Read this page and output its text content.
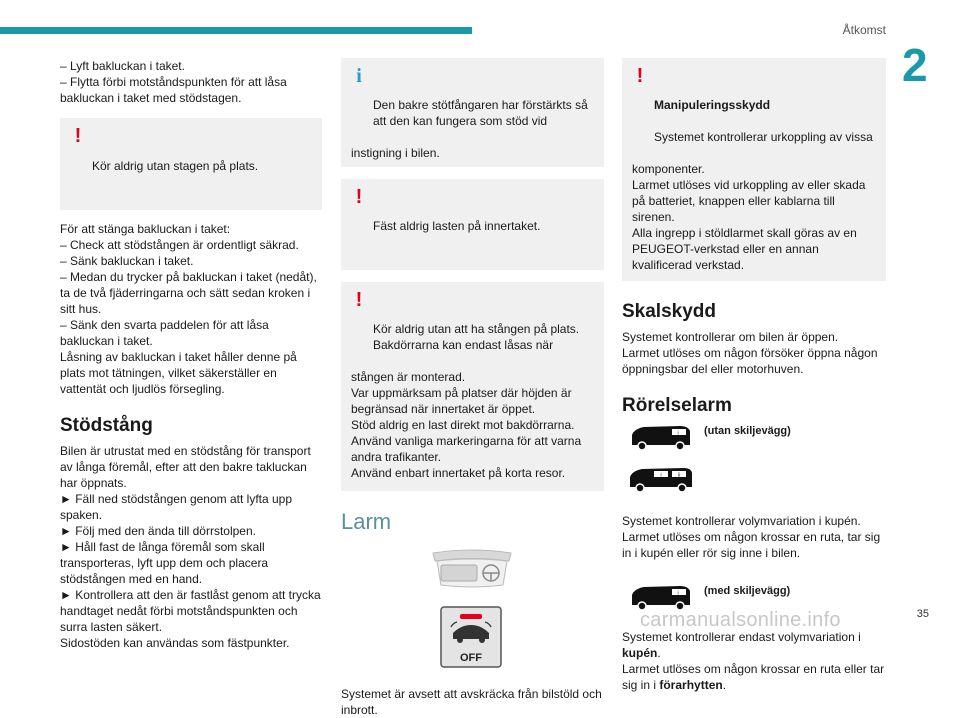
Åtkomst
2
– Lyft bakluckan i taket.
– Flytta förbi motståndspunkten för att låsa bakluckan i taket med stödstagen.

!

Kör aldrig utan stagen på plats.

För att stänga bakluckan i taket:
– Check att stödstången är ordentligt säkrad.
– Sänk bakluckan i taket.
– Medan du trycker på bakluckan i taket (nedåt), ta de två fjäderringarna och sätt sedan kroken i sitt hus.
– Sänk den svarta paddelen för att låsa bakluckan i taket.
Låsning av bakluckan i taket håller denne på plats mot tätningen, vilket säkerställer en vattentät och ljudlös försegling.
Stödstång
Bilen är utrustat med en stödstång för transport av långa föremål, efter att den bakre takluckan har öppnats.
► Fäll ned stödstången genom att lyfta upp spaken.
► Följ med den ända till dörrstolpen.
► Håll fast de långa föremål som skall transporteras, lyft upp dem och placera stödstången med en hand.
► Kontrollera att den är fastlåst genom att trycka handtaget nedåt förbi motståndspunkten och surra lasten säkert.
Sidostöden kan användas som fästpunkter.

i

Den bakre stötfångaren har förstärkts så att den kan fungera som stöd vid

instigning i bilen.

!

Fäst aldrig lasten på innertaket.

!

Kör aldrig utan att ha stången på plats. Bakdörrarna kan endast låsas när

stången är monterad.
Var uppmärksam på platser där höjden är begränsad när innertaket är öppet.
Stöd aldrig en last direkt mot bakdörrarna.
Använd vanliga markeringarna för att varna andra trafikanter.
Använd enbart innertaket på korta resor.

Larm
OFF
Systemet är avsett att avskräcka från bilstöld och inbrott.

!

Manipuleringsskydd

Systemet kontrollerar urkoppling av vissa

komponenter.
Larmet utlöses vid urkoppling av eller skada på batteriet, knappen eller kablarna till sirenen.
Alla ingrepp i stöldlarmet skall göras av en PEUGEOT-verkstad eller en annan kvalificerad verkstad.

Skalskydd
Systemet kontrollerar om bilen är öppen.
Larmet utlöses om någon försöker öppna någon öppningsbar del eller motorhuven.
Rörelselarm
i (utan skiljevägg)
i	ii
Systemet kontrollerar volymvariation i kupén.
Larmet utlöses om någon krossar en ruta, tar sig in i kupén eller rör sig inne i bilen.
i (med skiljevägg)
Systemet kontrollerar endast volymvariation i kupén.
Larmet utlöses om någon krossar en ruta eller tar sig in i förarhytten.
carmanualsonline.info	35
